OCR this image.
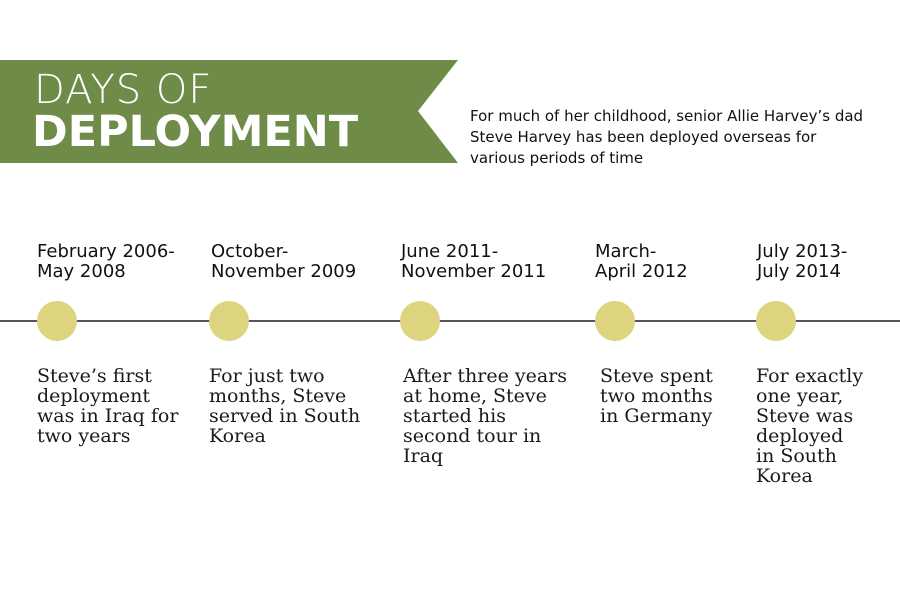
DAYS OF
DEPLOYMENT	For much of her childhood, senior Allie Harvey’s dad Steve Harvey has been deployed overseas for various periods of time
February 2006-
May 2008
Steve’s first
deployment
was in Iraq for
two years
October-
November 2009
For just two
months, Steve
served in South
Korea
June 2011-
November 2011
After three years
at home, Steve
started his
second tour in
Iraq
March-
April 2012
Steve spent
two months
in Germany
July 2013-
July 2014
For exactly
one year,
Steve was
deployed
in South
Korea
